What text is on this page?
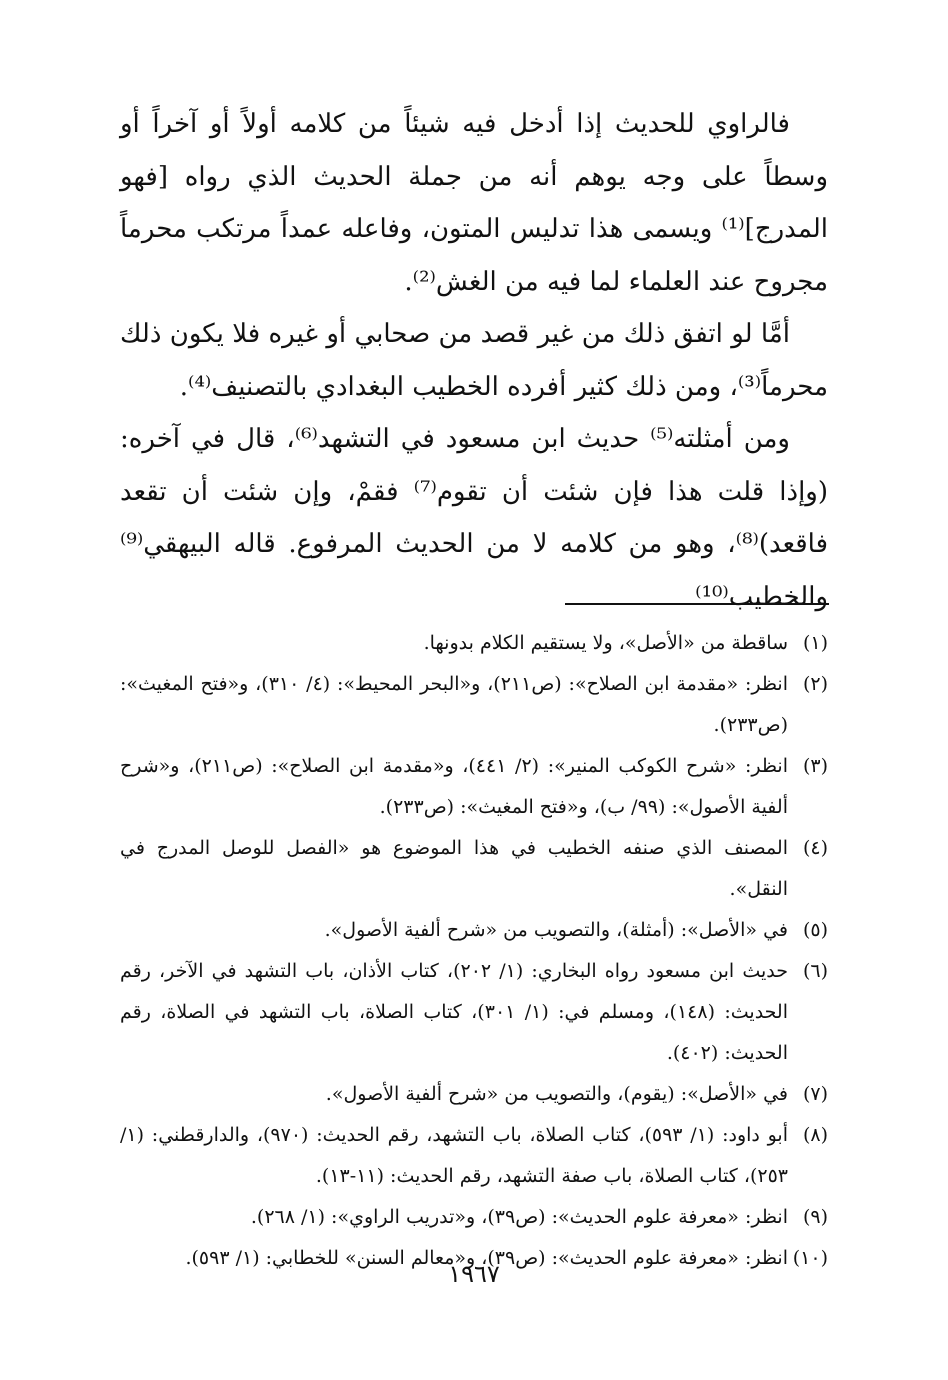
فالراوي للحديث إذا أدخل فيه شيئاً من كلامه أولاً أو آخراً أو وسطاً على وجه يوهم أنه من جملة الحديث الذي رواه [فهو المدرج]⁽¹⁾ ويسمى هذا تدليس المتون، وفاعله عمداً مرتكب محرماً مجروح عند العلماء لما فيه من الغش⁽²⁾.

أمَّا لو اتفق ذلك من غير قصد من صحابي أو غيره فلا يكون ذلك محرماً⁽³⁾، ومن ذلك كثير أفرده الخطيب البغدادي بالتصنيف⁽⁴⁾.

ومن أمثلته⁽⁵⁾ حديث ابن مسعود في التشهد⁽⁶⁾، قال في آخره: (وإذا قلت هذا فإن شئت أن تقوم⁽⁷⁾ فقمْ، وإن شئت أن تقعد فاقعد)⁽⁸⁾، وهو من كلامه لا من الحديث المرفوع. قاله البيهقي⁽⁹⁾ والخطيب⁽¹⁰⁾

(١)
ساقطة من «الأصل»، ولا يستقيم الكلام بدونها.
(٢)
انظر: «مقدمة ابن الصلاح»: (ص٢١١)، و«البحر المحيط»: (٤/ ٣١٠)، و«فتح المغيث»: (ص٢٣٣).
(٣)
انظر: «شرح الكوكب المنير»: (٢/ ٤٤١)، و«مقدمة ابن الصلاح»: (ص٢١١)، و«شرح ألفية الأصول»: (٩٩/ ب)، و«فتح المغيث»: (ص٢٣٣).
(٤)
المصنف الذي صنفه الخطيب في هذا الموضوع هو «الفصل للوصل المدرج في النقل».
(٥)
في «الأصل»: (أمثلة)، والتصويب من «شرح ألفية الأصول».
(٦)
حديث ابن مسعود رواه البخاري: (١/ ٢٠٢)، كتاب الأذان، باب التشهد في الآخر، رقم الحديث: (١٤٨)، ومسلم في: (١/ ٣٠١)، كتاب الصلاة، باب التشهد في الصلاة، رقم الحديث: (٤٠٢).
(٧)
في «الأصل»: (يقوم)، والتصويب من «شرح ألفية الأصول».
(٨)
أبو داود: (١/ ٥٩٣)، كتاب الصلاة، باب التشهد، رقم الحديث: (٩٧٠)، والدارقطني: (١/ ٢٥٣)، كتاب الصلاة، باب صفة التشهد، رقم الحديث: (١١-١٣).
(٩)
انظر: «معرفة علوم الحديث»: (ص٣٩)، و«تدريب الراوي»: (١/ ٢٦٨).
(١٠)
انظر: «معرفة علوم الحديث»: (ص٣٩)، و«معالم السنن» للخطابي: (١/ ٥٩٣).
١٩٦٧
